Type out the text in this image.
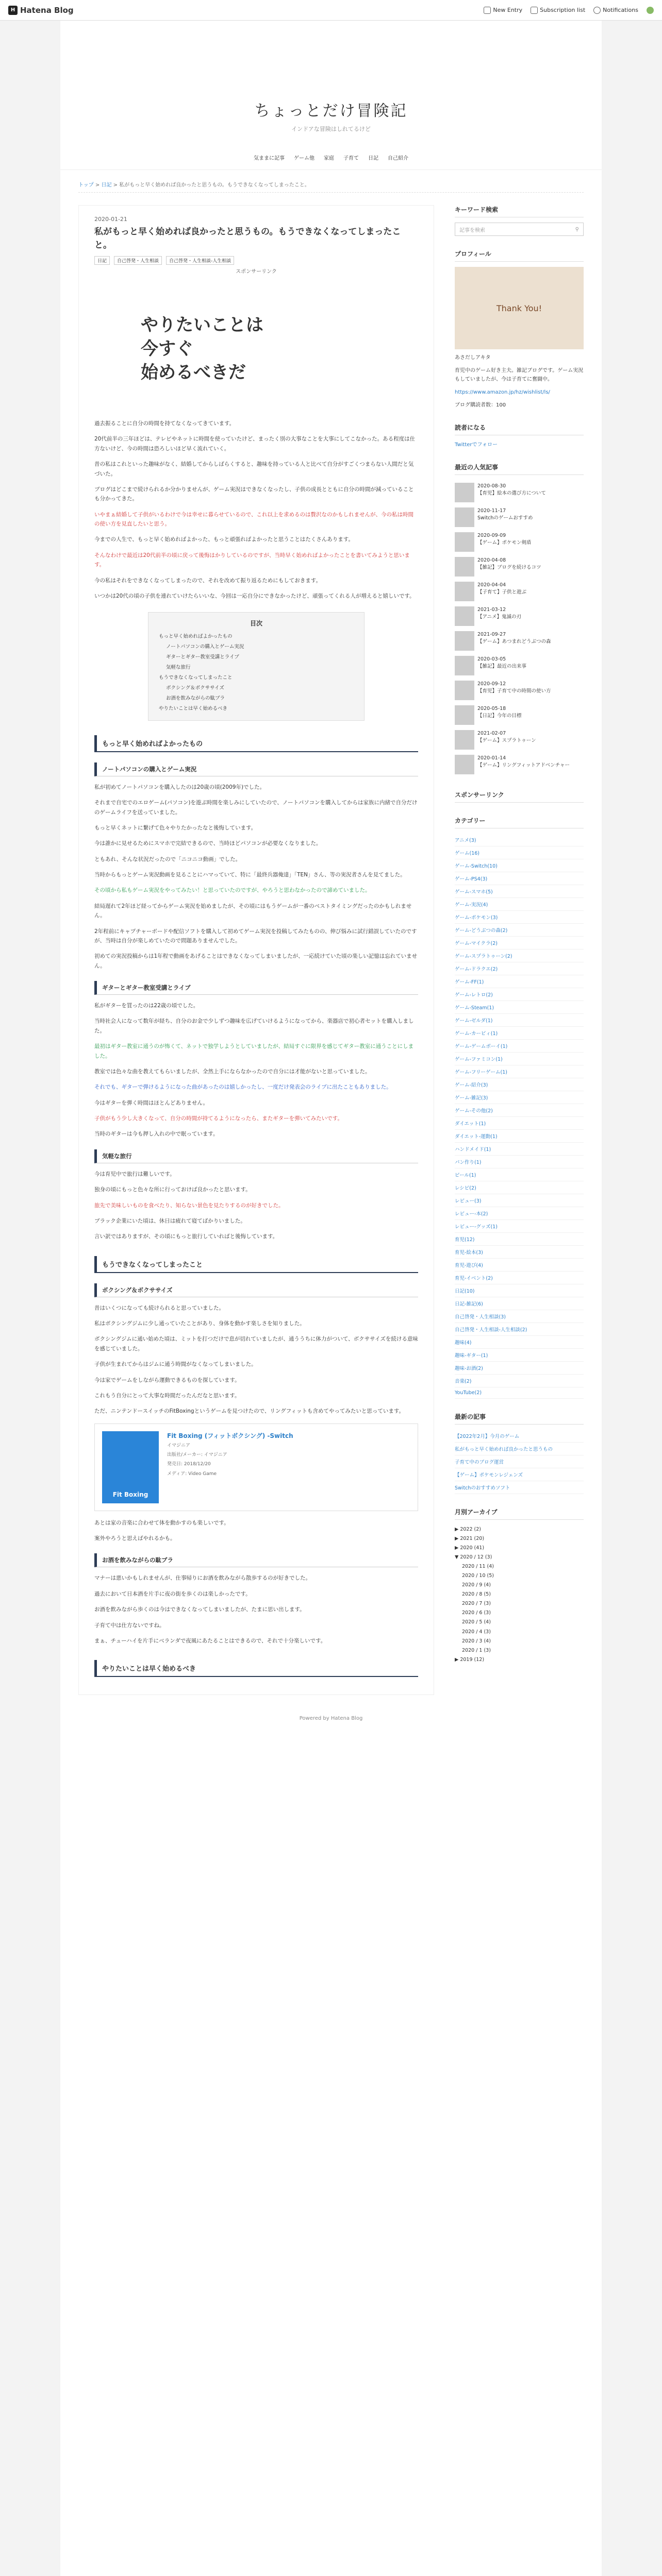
H Hatena Blog	New Entry	Subscription list	Notifications
ちょっとだけ冒険記
インドアな冒険はしれてるけど
気ままに記事 ゲーム他 家庭 子育て 日記 自己紹介
トップ > 日記 > 私がもっと早く始めれば良かったと思うもの。もうできなくなってしまったこと。
2020-01-21
私がもっと早く始めれば良かったと思うもの。もうできなくなってしまったこと。
日記	自己啓発・人生相談	自己啓発・人生相談-人生相談
スポンサーリンク
やりたいことは
今すぐ
始めるべきだ

過去振ることに自分の時間を持てなくなってきています。

20代前半の三年ほどは、テレビやネットに時間を使っていたけど、まったく別の大事なことを大事にしてこなかった。ある程度は仕方ないけど、今の時間は恐ろしいほど早く流れていく。

昔の私はこれといった趣味がなく、結婚してからしばらくすると、趣味を持っている人と比べて自分がすごくつまらない人間だと気づいた。

ブログはどこまで続けられるか分かりませんが、ゲーム実況はできなくなったし、子供の成長とともに自分の時間が減っていることも分かってきた。

いやまぁ結婚して子供がいるわけで今は幸せに暮らせているので、これ以上を求めるのは贅沢なのかもしれませんが、今の私は時間の使い方を見直したいと思う。

今までの人生で、もっと早く始めればよかった、もっと頑張ればよかったと思うことはたくさんあります。

そんなわけで最近は20代前半の頃に戻って後悔はかりしているのですが、当時早く始めればよかったことを書いてみようと思います。

今の私はそれをできなくなってしまったので、それを改めて振り返るためにもしておきます。

いつかは20代の頃の子供を連れていけたらいいな、今回は一応自分にできなかったけど、頑張ってくれる人が増えると嬉しいです。

目次
もっと早く始めればよかったもの
ノートパソコンの購入とゲーム実況
ギターとギター教室受講とライブ
気軽な旅行
もうできなくなってしまったこと
ボクシング＆ボクササイズ
お酒を飲みながらの駄ブラ
やりたいことは早く始めるべき
もっと早く始めればよかったもの
ノートパソコンの購入とゲーム実況

私が初めてノートパソコンを購入したのは20歳の頃(2009年)でした。

それまで自宅でのエロゲーム(パソコン)を遊ぶ時間を楽しみにしていたので、ノートパソコンを購入してからは家族に内緒で自分だけのゲームライフを送っていました。

もっと早くネットに繋げて色々やりたかったなと後悔しています。

今は誰かに見せるためにスマホで完結できるので、当時ほどパソコンが必要なくなりました。

ともあれ、そんな状況だったので「ニコニコ動画」でした。

当時からもっとゲーム実況動画を見ることにハマっていて、特に「最終兵器俺達」「TEN」さん、等の実況者さんを見てました。

その頃から私もゲーム実況をやってみたい！と思っていたのですが、やろうと思わなかったので諦めていました。

結局遅れて2年ほど経ってからゲーム実況を始めましたが、その頃にはもうゲームが一番のベストタイミングだったのかもしれません。

2年程前にキャプチャーボードや配信ソフトを購入して初めてゲーム実況を投稿してみたものの、伸び悩みに試行錯誤していたのですが、当時は自分が楽しめていたので問題ありませんでした。

初めての実況投稿からは1年程で動画をあげることはできなくなってしまいましたが、一応続けていた頃の楽しい記憶は忘れていません。

ギターとギター教室受講とライブ

私がギターを買ったのは22歳の頃でした。

当時社会人になって数年が経ち、自分のお金で少しずつ趣味を広げていけるようになってから、楽器店で初心者セットを購入しました。

最初はギター教室に通うのが怖くて、ネットで独学しようとしていましたが、結局すぐに限界を感じてギター教室に通うことにしました。

教室では色々な曲を教えてもらいましたが、全然上手にならなかったので自分には才能がないと思っていました。

それでも、ギターで弾けるようになった曲があったのは嬉しかったし、一度だけ発表会のライブに出たこともありました。

今はギターを弾く時間はほとんどありません。

子供がもう少し大きくなって、自分の時間が持てるようになったら、またギターを弾いてみたいです。

当時のギターは今も押し入れの中で眠っています。

気軽な旅行

今は育児中で旅行は難しいです。

独身の頃にもっと色々な所に行っておけば良かったと思います。

旅先で美味しいものを食べたり、知らない景色を見たりするのが好きでした。

ブラック企業にいた頃は、休日は疲れて寝てばかりいました。

言い訳ではありますが、その頃にもっと旅行していればと後悔しています。

もうできなくなってしまったこと
ボクシング＆ボクササイズ

昔はいくつになっても続けられると思っていました。

私はボクシングジムに少し通っていたことがあり、身体を動かす楽しさを知りました。

ボクシングジムに通い始めた頃は、ミットを打つだけで息が切れていましたが、通ううちに体力がついて、ボクササイズを続ける意味を感じていました。

子供が生まれてからはジムに通う時間がなくなってしまいました。

今は家でゲームをしながら運動できるものを探しています。

これもう自分にとって大事な時間だったんだなと思います。

ただ、ニンテンドースイッチのFitBoxingというゲームを見つけたので、リングフィットも含めてやってみたいと思っています。

Fit Boxing
Fit Boxing (フィットボクシング) -Switch
イマジニア
出版社/メーカー: イマジニア
発売日: 2018/12/20
メディア: Video Game

あとは家の音楽に合わせて体を動かすのも楽しいです。

案外やろうと思えばやれるかも。

お酒を飲みながらの駄ブラ

マナーは悪いかもしれませんが、仕事帰りにお酒を飲みながら散歩するのが好きでした。

過去において日本酒を片手に夜の街を歩くのは楽しかったです。

お酒を飲みながら歩くのは今はできなくなってしまいましたが、たまに思い出します。

子育て中は仕方ないですね。

まぁ、チューハイを片手にベランダで夜風にあたることはできるので、それで十分楽しいです。

やりたいことは早く始めるべき
キーワード検索
記事を検索	⚲
プロフィール
Thank You!
あさだしアキタ
育児中のゲーム好き主夫。雑記ブログです。ゲーム実況もしていましたが、今は子育てに奮闘中。
https://www.amazon.jp/hz/wishlist/ls/
ブログ購読者数：100
読者になる
Twitterでフォロー
最近の人気記事
2020-08-30
【育児】絵本の選び方について
2020-11-17
Switchのゲームおすすめ
2020-09-09
【ゲーム】ポケモン剣盾
2020-04-08
【雑記】ブログを続けるコツ
2020-04-04
【子育て】子供と遊ぶ
2021-03-12
【アニメ】鬼滅の刃
2021-09-27
【ゲーム】あつまれどうぶつの森
2020-03-05
【雑記】最近の出来事
2020-09-12
【育児】子育て中の時間の使い方
2020-05-18
【日記】今年の目標
2021-02-07
【ゲーム】スプラトゥーン
2020-01-14
【ゲーム】リングフィットアドベンチャー
スポンサーリンク
カテゴリー
アニメ(3)
ゲーム(16)
ゲーム-Switch(10)
ゲーム-PS4(3)
ゲーム-スマホ(5)
ゲーム-実況(4)
ゲーム-ポケモン(3)
ゲーム-どうぶつの森(2)
ゲーム-マイクラ(2)
ゲーム-スプラトゥーン(2)
ゲーム-ドラクエ(2)
ゲーム-FF(1)
ゲーム-レトロ(2)
ゲーム-Steam(1)
ゲーム-ゼルダ(1)
ゲーム-カービィ(1)
ゲーム-ゲームボーイ(1)
ゲーム-ファミコン(1)
ゲーム-フリーゲーム(1)
ゲーム-紹介(3)
ゲーム-雑記(3)
ゲーム-その他(2)
ダイエット(1)
ダイエット-運動(1)
ハンドメイド(1)
パン作り(1)
ビール(1)
レシピ(2)
レビュー(3)
レビュー-本(2)
レビュー-グッズ(1)
育児(12)
育児-絵本(3)
育児-遊び(4)
育児-イベント(2)
日記(10)
日記-雑記(6)
自己啓発・人生相談(3)
自己啓発・人生相談-人生相談(2)
趣味(4)
趣味-ギター(1)
趣味-お酒(2)
音楽(2)
YouTube(2)
最新の記事
【2022年2月】今月のゲーム
私がもっと早く始めれば良かったと思うもの
子育て中のブログ運営
【ゲーム】ポケモンレジェンズ
Switchのおすすめソフト
月別アーカイブ
▶ 2022 (2)
▶ 2021 (20)
▶ 2020 (41)
▼ 2020 / 12 (3)
2020 / 11 (4)
2020 / 10 (5)
2020 / 9 (4)
2020 / 8 (5)
2020 / 7 (3)
2020 / 6 (3)
2020 / 5 (4)
2020 / 4 (3)
2020 / 3 (4)
2020 / 1 (3)
▶ 2019 (12)
Powered by Hatena Blog
